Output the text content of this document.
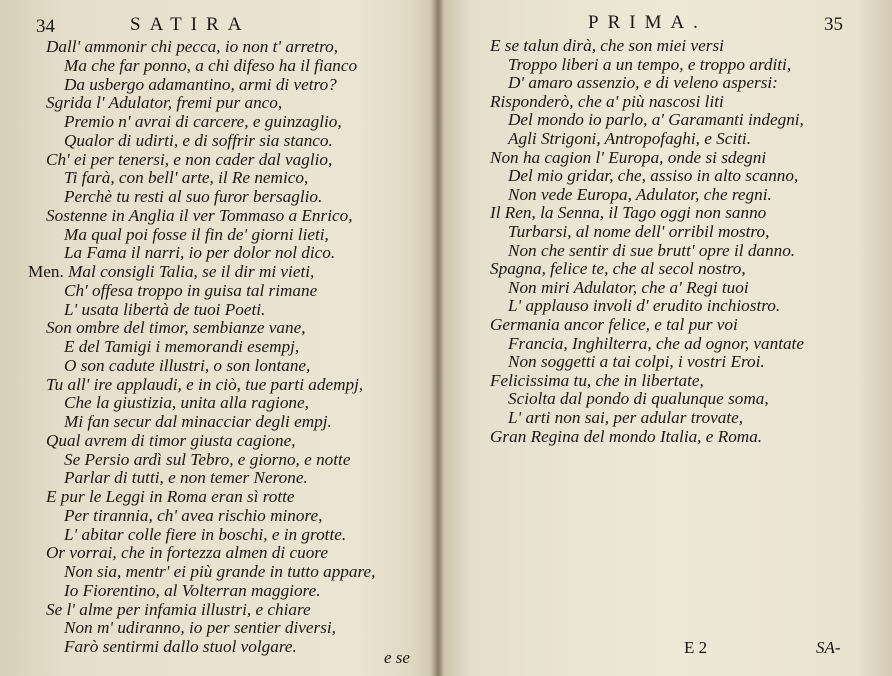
34	SATIRA
Dall' ammonir chi pecca, io non t' arretro,
Ma che far ponno, a chi difeso ha il fianco
Da usbergo adamantino, armi di vetro?
Sgrida l' Adulator, fremi pur anco,
Premio n' avrai di carcere, e guinzaglio,
Qualor di udirti, e di soffrir sia stanco.
Ch' ei per tenersi, e non cader dal vaglio,
Ti farà, con bell' arte, il Re nemico,
Perchè tu resti al suo furor bersaglio.
Sostenne in Anglia il ver Tommaso a Enrico,
Ma qual poi fosse il fin de' giorni lieti,
La Fama il narri, io per dolor nol dico.
Men. Mal consigli Talia, se il dir mi vieti,
Ch' offesa troppo in guisa tal rimane
L' usata libertà de tuoi Poeti.
Son ombre del timor, sembianze vane,
E del Tamigi i memorandi esempj,
O son cadute illustri, o son lontane,
Tu all' ire applaudi, e in ciò, tue parti adempj,
Che la giustizia, unita alla ragione,
Mi fan secur dal minacciar degli empj.
Qual avrem di timor giusta cagione,
Se Persio ardì sul Tebro, e giorno, e notte
Parlar di tutti, e non temer Nerone.
E pur le Leggi in Roma eran sì rotte
Per tirannia, ch' avea rischio minore,
L' abitar colle fiere in boschi, e in grotte.
Or vorrai, che in fortezza almen di cuore
Non sia, mentr' ei più grande in tutto appare,
Io Fiorentino, al Volterran maggiore.
Se l' alme per infamia illustri, e chiare
Non m' udiranno, io per sentier diversi,
Farò sentirmi dallo stuol volgare.
e se
PRIMA.	35
E se talun dirà, che son miei versi
Troppo liberi a un tempo, e troppo arditi,
D' amaro assenzio, e di veleno aspersi:
Risponderò, che a' più nascosi liti
Del mondo io parlo, a' Garamanti indegni,
Agli Strigoni, Antropofaghi, e Sciti.
Non ha cagion l' Europa, onde si sdegni
Del mio gridar, che, assiso in alto scanno,
Non vede Europa, Adulator, che regni.
Il Ren, la Senna, il Tago oggi non sanno
Turbarsi, al nome dell' orribil mostro,
Non che sentir di sue brutt' opre il danno.
Spagna, felice te, che al secol nostro,
Non miri Adulator, che a' Regi tuoi
L' applauso involi d' erudito inchiostro.
Germania ancor felice, e tal pur voi
Francia, Inghilterra, che ad ognor, vantate
Non soggetti a tai colpi, i vostri Eroi.
Felicissima tu, che in libertate,
Sciolta dal pondo di qualunque soma,
L' arti non sai, per adular trovate,
Gran Regina del mondo Italia, e Roma.
E 2	SA-
